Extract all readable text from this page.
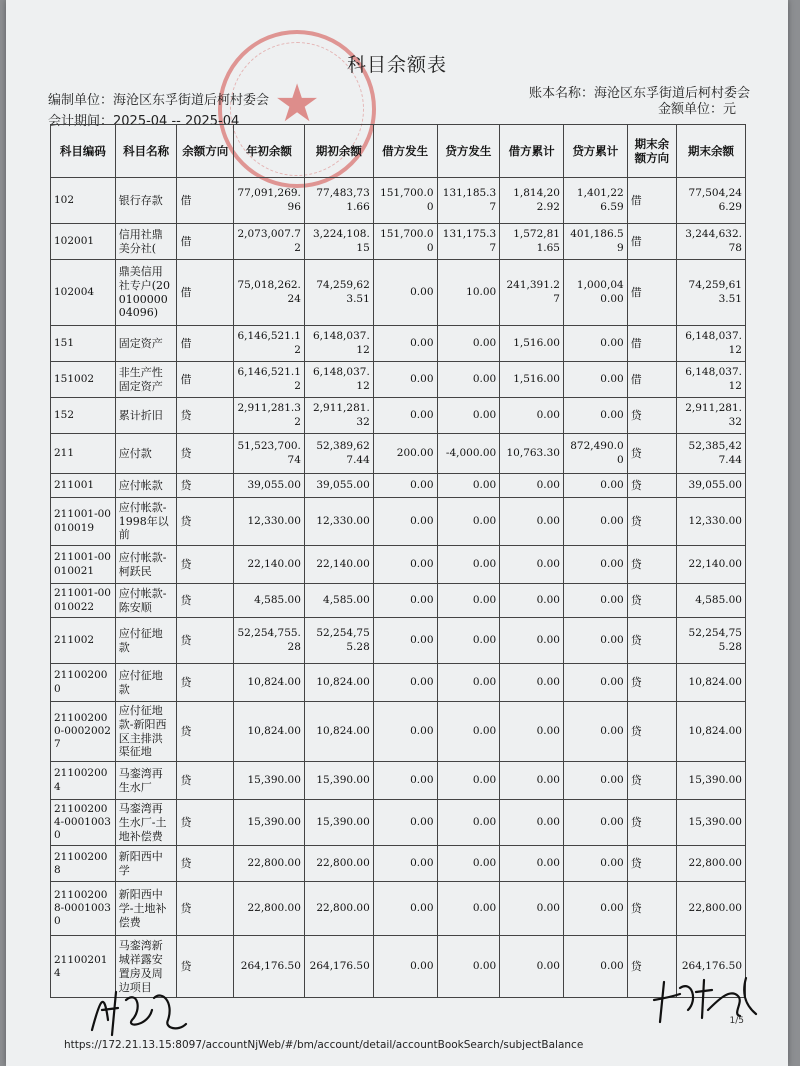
★
科目余额表
编制单位：海沧区东孚街道后柯村委会
会计期间：2025-04 -- 2025-04
账本名称：海沧区东孚街道后柯村委会
金额单位：元
科目编码	科目名称	余额方向	年初余额	期初余额	借方发生	贷方发生	借方累计	贷方累计	期末余额方向	期末余额
102	银行存款	借	77,091,269.96	77,483,731.66	151,700.00	131,185.37	1,814,202.92	1,401,226.59	借	77,504,246.29
102001	信用社鼎美分社(	借	2,073,007.72	3,224,108.15	151,700.00	131,175.37	1,572,811.65	401,186.59	借	3,244,632.78
102004	鼎美信用社专户(20010000004096)	借	75,018,262.24	74,259,623.51	0.00	10.00	241,391.27	1,000,040.00	借	74,259,613.51
151	固定资产	借	6,146,521.12	6,148,037.12	0.00	0.00	1,516.00	0.00	借	6,148,037.12
151002	非生产性固定资产	借	6,146,521.12	6,148,037.12	0.00	0.00	1,516.00	0.00	借	6,148,037.12
152	累计折旧	贷	2,911,281.32	2,911,281.32	0.00	0.00	0.00	0.00	贷	2,911,281.32
211	应付款	贷	51,523,700.74	52,389,627.44	200.00	-4,000.00	10,763.30	872,490.00	贷	52,385,427.44
211001	应付帐款	贷	39,055.00	39,055.00	0.00	0.00	0.00	0.00	贷	39,055.00
211001-00010019	应付帐款-1998年以前	贷	12,330.00	12,330.00	0.00	0.00	0.00	0.00	贷	12,330.00
211001-00010021	应付帐款-柯跃民	贷	22,140.00	22,140.00	0.00	0.00	0.00	0.00	贷	22,140.00
211001-00010022	应付帐款-陈安顺	贷	4,585.00	4,585.00	0.00	0.00	0.00	0.00	贷	4,585.00
211002	应付征地款	贷	52,254,755.28	52,254,755.28	0.00	0.00	0.00	0.00	贷	52,254,755.28
211002000	应付征地款	贷	10,824.00	10,824.00	0.00	0.00	0.00	0.00	贷	10,824.00
211002000-00020027	应付征地款-新阳西区主排洪渠征地	贷	10,824.00	10,824.00	0.00	0.00	0.00	0.00	贷	10,824.00
211002004	马銮湾再生水厂	贷	15,390.00	15,390.00	0.00	0.00	0.00	0.00	贷	15,390.00
211002004-00010030	马銮湾再生水厂-土地补偿费	贷	15,390.00	15,390.00	0.00	0.00	0.00	0.00	贷	15,390.00
211002008	新阳西中学	贷	22,800.00	22,800.00	0.00	0.00	0.00	0.00	贷	22,800.00
211002008-00010030	新阳西中学-土地补偿费	贷	22,800.00	22,800.00	0.00	0.00	0.00	0.00	贷	22,800.00
211002014	马銮湾新城祥露安置房及周边项目	贷	264,176.50	264,176.50	0.00	0.00	0.00	0.00	贷	264,176.50
1/5
https://172.21.13.15:8097/accountNjWeb/#/bm/account/detail/accountBookSearch/subjectBalance
